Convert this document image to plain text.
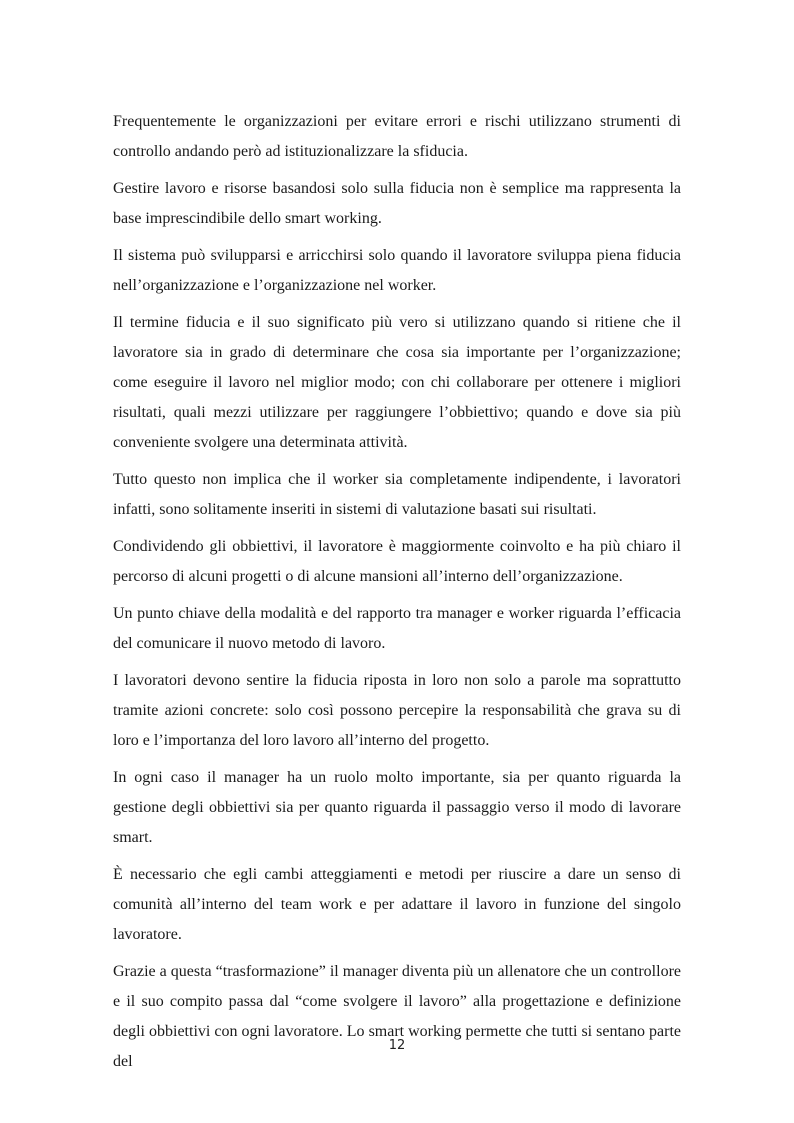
Frequentemente le organizzazioni per evitare errori e rischi utilizzano strumenti di controllo andando però ad istituzionalizzare la sfiducia.

Gestire lavoro e risorse basandosi solo sulla fiducia non è semplice ma rappresenta la base imprescindibile dello smart working.

Il sistema può svilupparsi e arricchirsi solo quando il lavoratore sviluppa piena fiducia nell’organizzazione e l’organizzazione nel worker.

Il termine fiducia e il suo significato più vero si utilizzano quando si ritiene che il lavoratore sia in grado di determinare che cosa sia importante per l’organizzazione; come eseguire il lavoro nel miglior modo; con chi collaborare per ottenere i migliori risultati, quali mezzi utilizzare per raggiungere l’obbiettivo; quando e dove sia più conveniente svolgere una determinata attività.

Tutto questo non implica che il worker sia completamente indipendente, i lavoratori infatti, sono solitamente inseriti in sistemi di valutazione basati sui risultati.

Condividendo gli obbiettivi, il lavoratore è maggiormente coinvolto e ha più chiaro il percorso di alcuni progetti o di alcune mansioni all’interno dell’organizzazione.

Un punto chiave della modalità e del rapporto tra manager e worker riguarda l’efficacia del comunicare il nuovo metodo di lavoro.

I lavoratori devono sentire la fiducia riposta in loro non solo a parole ma soprattutto tramite azioni concrete: solo così possono percepire la responsabilità che grava su di loro e l’importanza del loro lavoro all’interno del progetto.

In ogni caso il manager ha un ruolo molto importante, sia per quanto riguarda la gestione degli obbiettivi sia per quanto riguarda il passaggio verso il modo di lavorare smart.

È necessario che egli cambi atteggiamenti e metodi per riuscire a dare un senso di comunità all’interno del team work e per adattare il lavoro in funzione del singolo lavoratore.

Grazie a questa “trasformazione” il manager diventa più un allenatore che un controllore e il suo compito passa dal “come svolgere il lavoro” alla progettazione e definizione degli obbiettivi con ogni lavoratore. Lo smart working permette che tutti si sentano parte del

12
